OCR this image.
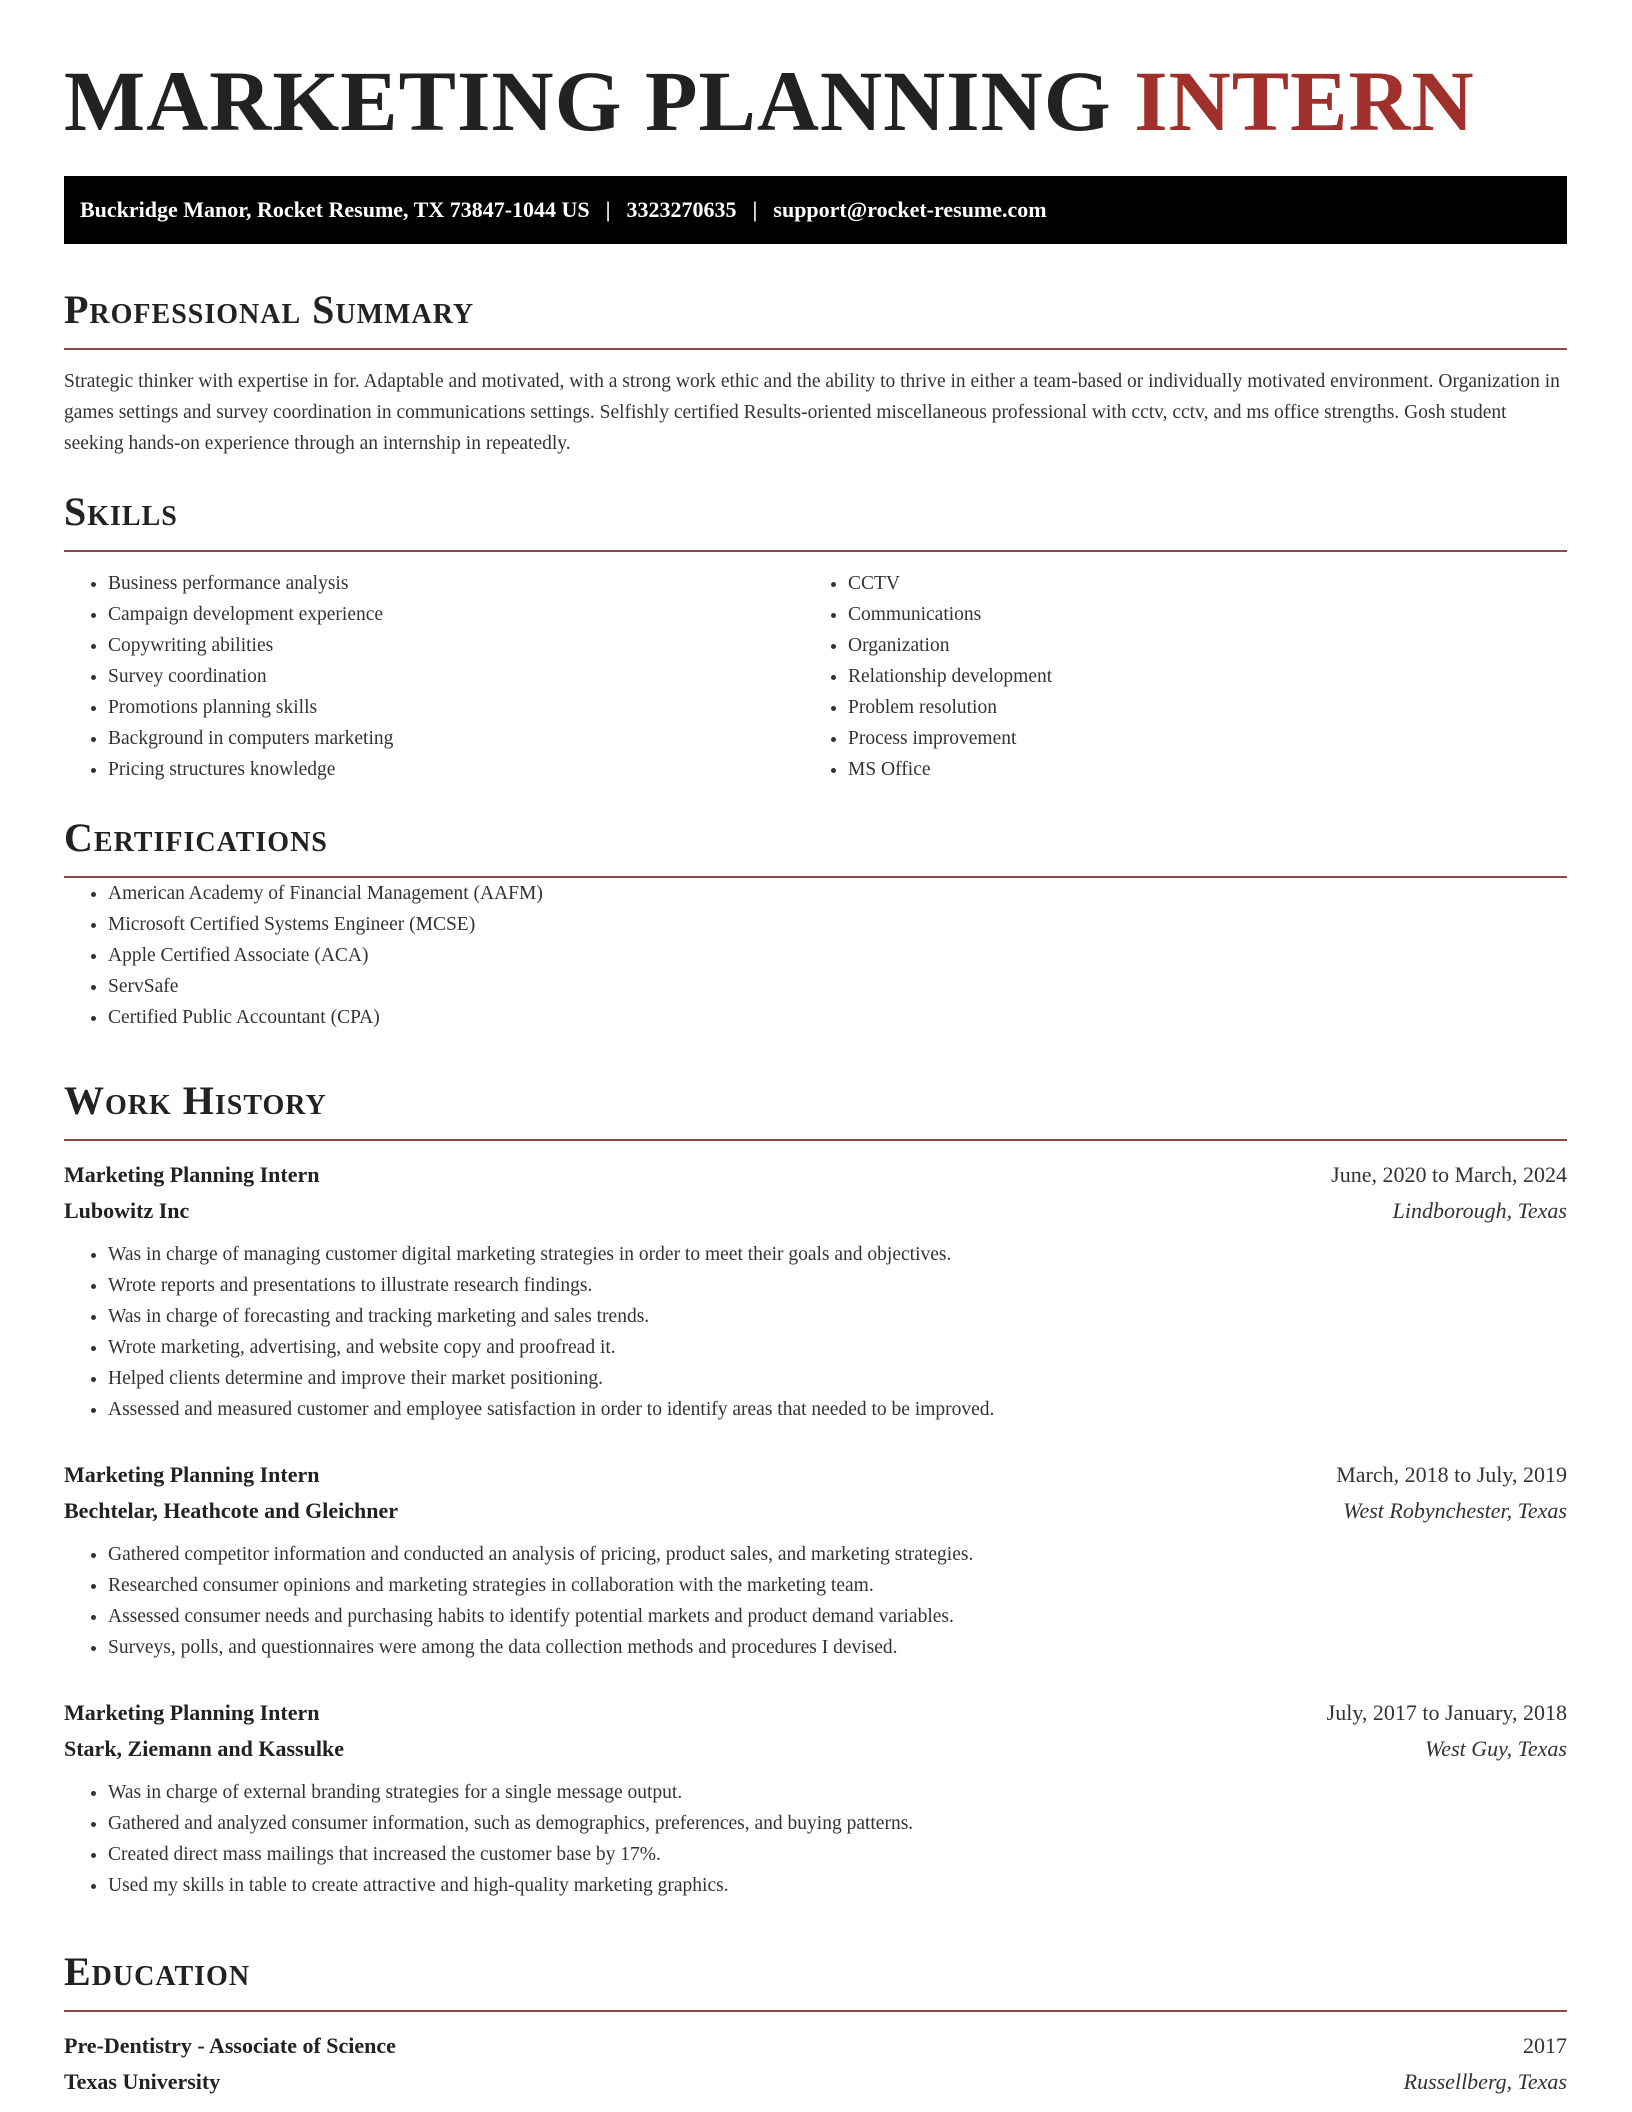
MARKETING PLANNING INTERN
Buckridge Manor, Rocket Resume, TX 73847-1044 US | 3323270635 | support@rocket-resume.com
Professional Summary

Strategic thinker with expertise in for. Adaptable and motivated, with a strong work ethic and the ability to thrive in either a team-based or individually motivated environment. Organization in games settings and survey coordination in communications settings. Selfishly certified Results-oriented miscellaneous professional with cctv, cctv, and ms office strengths. Gosh student seeking hands-on experience through an internship in repeatedly.

Skills
• Business performance analysis
• Campaign development experience
• Copywriting abilities
• Survey coordination
• Promotions planning skills
• Background in computers marketing
• Pricing structures knowledge
• CCTV
• Communications
• Organization
• Relationship development
• Problem resolution
• Process improvement
• MS Office
Certifications
• American Academy of Financial Management (AAFM)
• Microsoft Certified Systems Engineer (MCSE)
• Apple Certified Associate (ACA)
• ServSafe
• Certified Public Accountant (CPA)
Work History
Marketing Planning Intern	June, 2020 to March, 2024
Lubowitz Inc	Lindborough, Texas
• Was in charge of managing customer digital marketing strategies in order to meet their goals and objectives.
• Wrote reports and presentations to illustrate research findings.
• Was in charge of forecasting and tracking marketing and sales trends.
• Wrote marketing, advertising, and website copy and proofread it.
• Helped clients determine and improve their market positioning.
• Assessed and measured customer and employee satisfaction in order to identify areas that needed to be improved.
Marketing Planning Intern	March, 2018 to July, 2019
Bechtelar, Heathcote and Gleichner	West Robynchester, Texas
• Gathered competitor information and conducted an analysis of pricing, product sales, and marketing strategies.
• Researched consumer opinions and marketing strategies in collaboration with the marketing team.
• Assessed consumer needs and purchasing habits to identify potential markets and product demand variables.
• Surveys, polls, and questionnaires were among the data collection methods and procedures I devised.
Marketing Planning Intern	July, 2017 to January, 2018
Stark, Ziemann and Kassulke	West Guy, Texas
• Was in charge of external branding strategies for a single message output.
• Gathered and analyzed consumer information, such as demographics, preferences, and buying patterns.
• Created direct mass mailings that increased the customer base by 17%.
• Used my skills in table to create attractive and high-quality marketing graphics.
Education
Pre-Dentistry - Associate of Science	2017
Texas University	Russellberg, Texas
